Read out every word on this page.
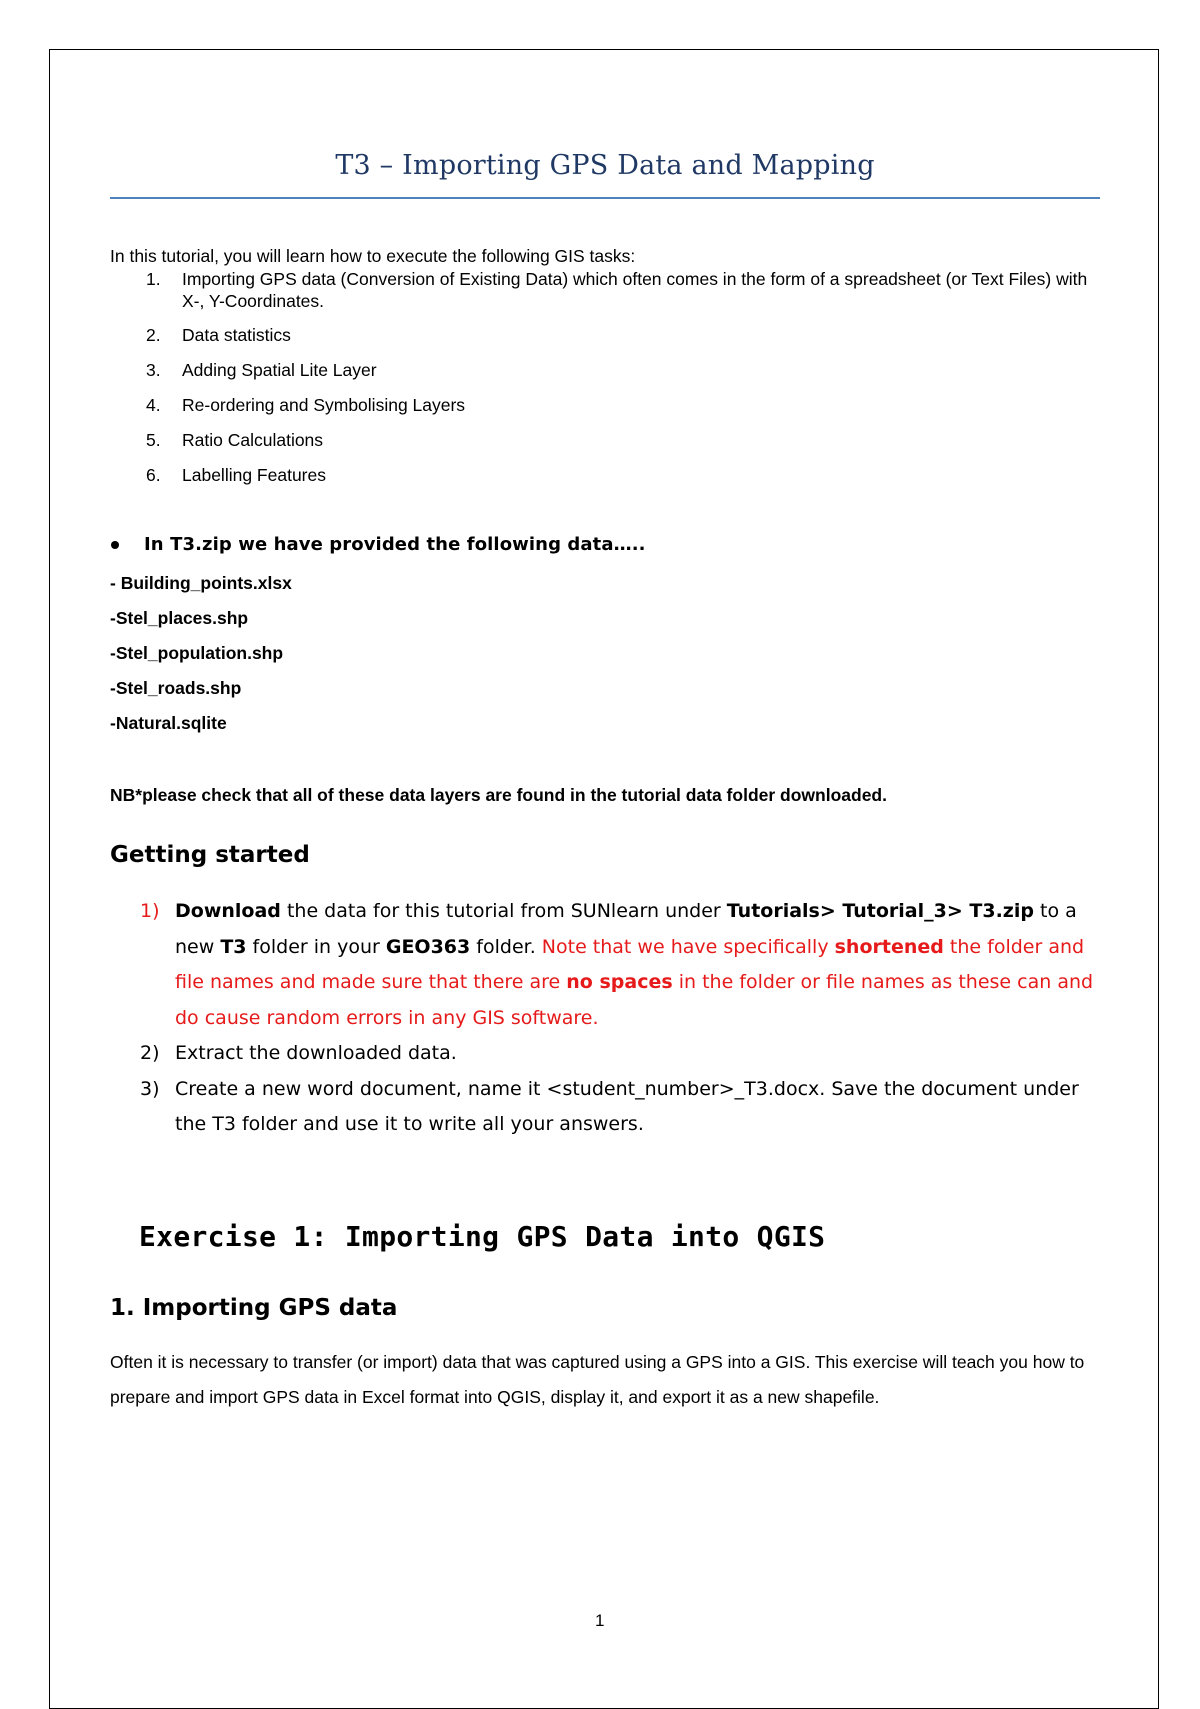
T3 – Importing GPS Data and Mapping

In this tutorial, you will learn how to execute the following GIS tasks:

1. Importing GPS data (Conversion of Existing Data) which often comes in the form of a spreadsheet (or Text Files) with X-, Y-Coordinates.
2. Data statistics
3. Adding Spatial Lite Layer
4. Re-ordering and Symbolising Layers
5. Ratio Calculations
6. Labelling Features
In T3.zip we have provided the following data…..
- Building_points.xlsx
-Stel_places.shp
-Stel_population.shp
-Stel_roads.shp
-Natural.sqlite

NB*please check that all of these data layers are found in the tutorial data folder downloaded.

Getting started
1) Download the data for this tutorial from SUNlearn under Tutorials> Tutorial_3> T3.zip to a new T3 folder in your GEO363 folder. Note that we have specifically shortened the folder and file names and made sure that there are no spaces in the folder or file names as these can and do cause random errors in any GIS software.
2) Extract the downloaded data.
3) Create a new word document, name it <student_number>_T3.docx. Save the document under the T3 folder and use it to write all your answers.
Exercise 1: Importing GPS Data into QGIS
1. Importing GPS data

Often it is necessary to transfer (or import) data that was captured using a GPS into a GIS. This exercise will teach you how to prepare and import GPS data in Excel format into QGIS, display it, and export it as a new shapefile.

1
